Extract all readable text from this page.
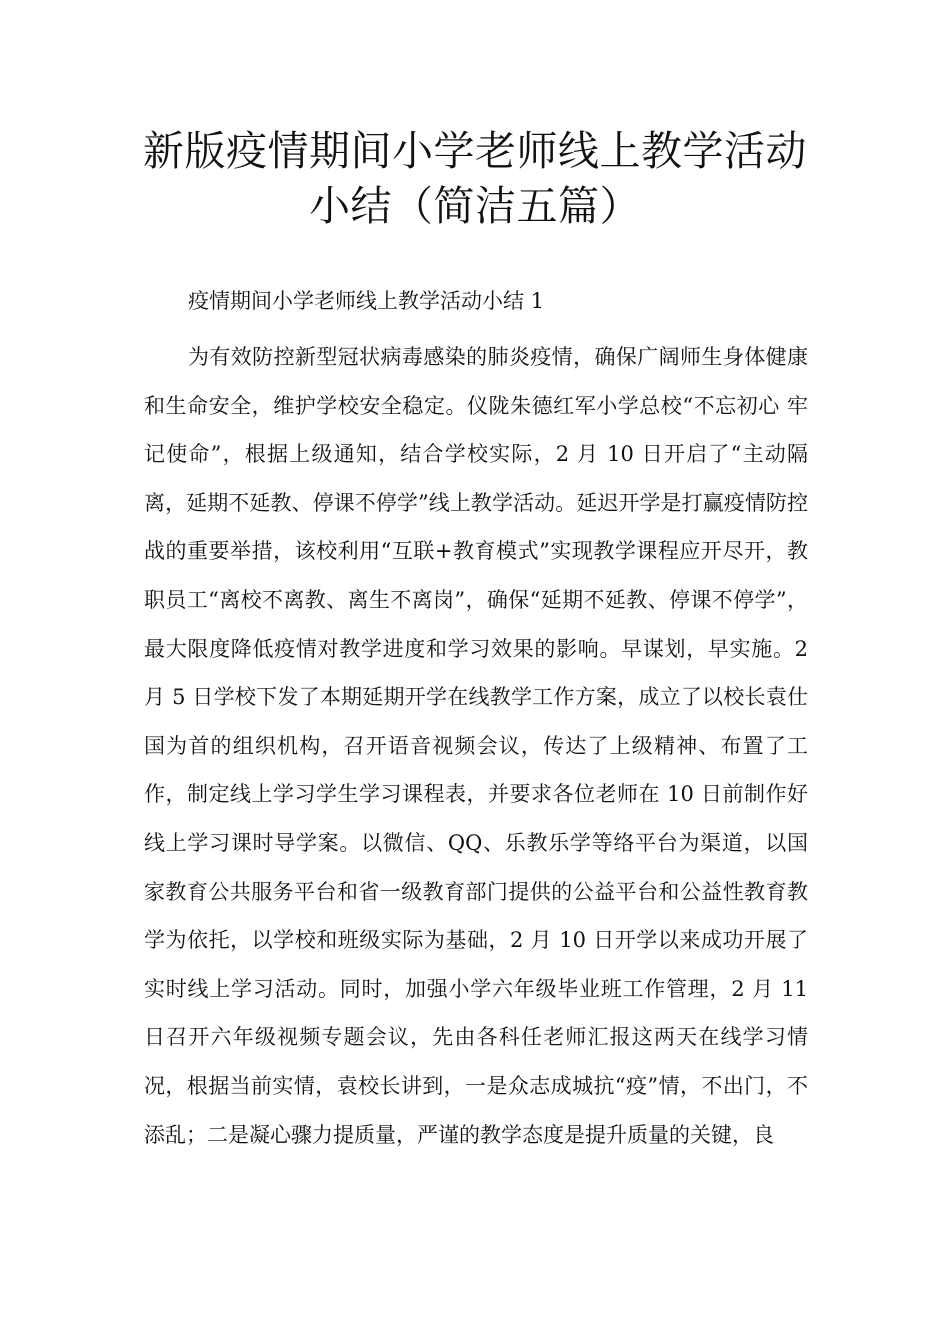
新版疫情期间小学老师线上教学活动小结（简洁五篇）

疫情期间小学老师线上教学活动小结 1

为有效防控新型冠状病毒感染的肺炎疫情，确保广阔师生身体健康和生命安全，维护学校安全稳定。仪陇朱德红军小学总校“不忘初心 牢记使命”，根据上级通知，结合学校实际，2 月 10 日开启了“主动隔离，延期不延教、停课不停学”线上教学活动。延迟开学是打赢疫情防控战的重要举措，该校利用“互联+教育模式”实现教学课程应开尽开，教职员工“离校不离教、离生不离岗”，确保“延期不延教、停课不停学”，最大限度降低疫情对教学进度和学习效果的影响。早谋划，早实施。2 月 5 日学校下发了本期延期开学在线教学工作方案，成立了以校长袁仕国为首的组织机构，召开语音视频会议，传达了上级精神、布置了工作，制定线上学习学生学习课程表，并要求各位老师在 10 日前制作好线上学习课时导学案。以微信、QQ、乐教乐学等络平台为渠道，以国家教育公共服务平台和省一级教育部门提供的公益平台和公益性教育教学为依托，以学校和班级实际为基础，2 月 10 日开学以来成功开展了实时线上学习活动。同时，加强小学六年级毕业班工作管理，2 月 11 日召开六年级视频专题会议，先由各科任老师汇报这两天在线学习情况，根据当前实情，袁校长讲到，一是众志成城抗“疫”情，不出门，不添乱；二是凝心骤力提质量，严谨的教学态度是提升质量的关键，良
